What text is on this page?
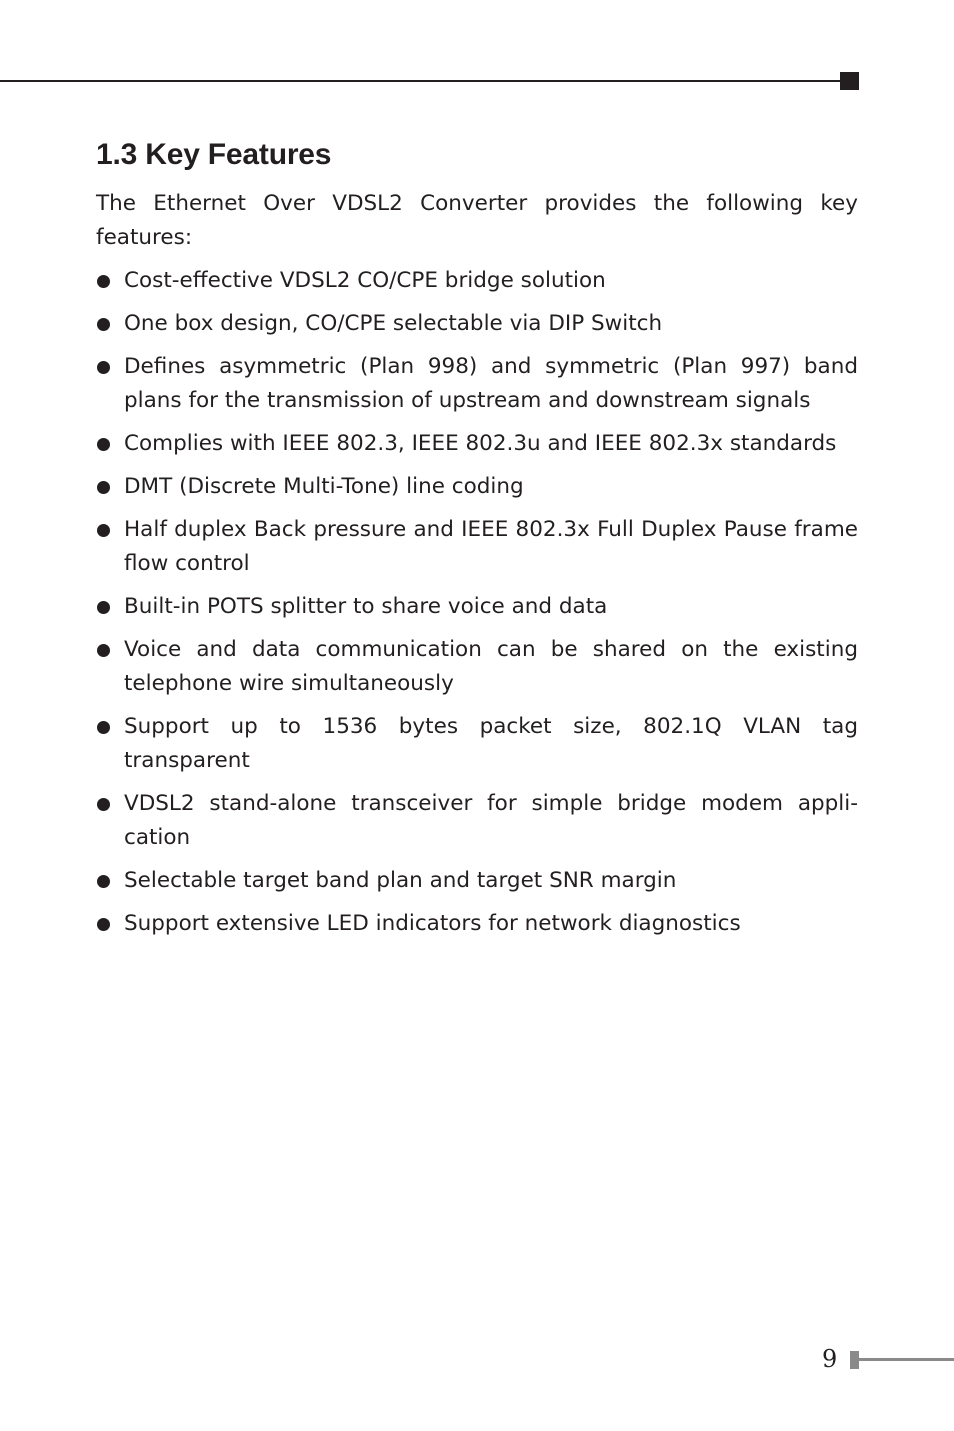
1.3 Key Features

The Ethernet Over VDSL2 Converter provides the following key features:

Cost-effective VDSL2 CO/CPE bridge solution
One box design, CO/CPE selectable via DIP Switch
Defines asymmetric (Plan 998) and symmetric (Plan 997) band plans for the transmission of upstream and downstream signals
Complies with IEEE 802.3, IEEE 802.3u and IEEE 802.3x standards
DMT (Discrete Multi-Tone) line coding
Half duplex Back pressure and IEEE 802.3x Full Duplex Pause frame flow control
Built-in POTS splitter to share voice and data
Voice and data communication can be shared on the existing telephone wire simultaneously
Support up to 1536 bytes packet size, 802.1Q VLAN tag transparent
VDSL2 stand-alone transceiver for simple bridge modem appli-cation
Selectable target band plan and target SNR margin
Support extensive LED indicators for network diagnostics
9
